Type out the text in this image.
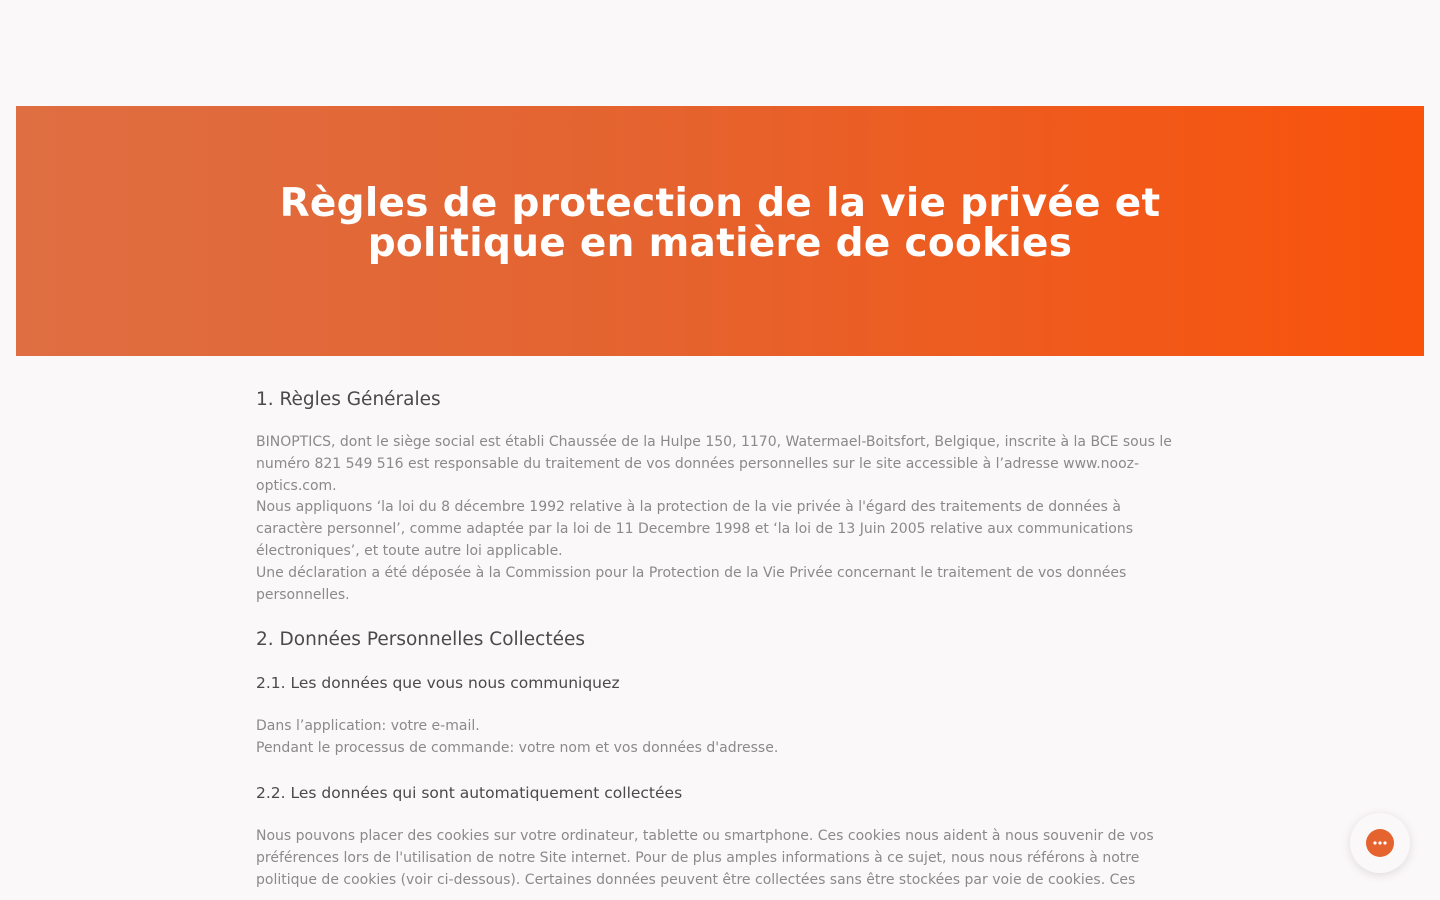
Règles de protection de la vie privée et politique en matière de cookies
1. Règles Générales

BINOPTICS, dont le siège social est établi Chaussée de la Hulpe 150, 1170, Watermael-Boitsfort, Belgique, inscrite à la BCE sous le numéro 821 549 516 est responsable du traitement de vos données personnelles sur le site accessible à l’adresse www.nooz-optics.com.

Nous appliquons ‘la loi du 8 décembre 1992 relative à la protection de la vie privée à l'égard des traitements de données à caractère personnel’, comme adaptée par la loi de 11 Decembre 1998 et ‘la loi de 13 Juin 2005 relative aux communications électroniques’, et toute autre loi applicable.

Une déclaration a été déposée à la Commission pour la Protection de la Vie Privée concernant le traitement de vos données personnelles.

2. Données Personnelles Collectées
2.1. Les données que vous nous communiquez

Dans l’application: votre e-mail.

Pendant le processus de commande: votre nom et vos données d'adresse.

2.2. Les données qui sont automatiquement collectées

Nous pouvons placer des cookies sur votre ordinateur, tablette ou smartphone. Ces cookies nous aident à nous souvenir de vos préférences lors de l'utilisation de notre Site internet. Pour de plus amples informations à ce sujet, nous nous référons à notre politique de cookies (voir ci-dessous). Certaines données peuvent être collectées sans être stockées par voie de cookies. Ces
